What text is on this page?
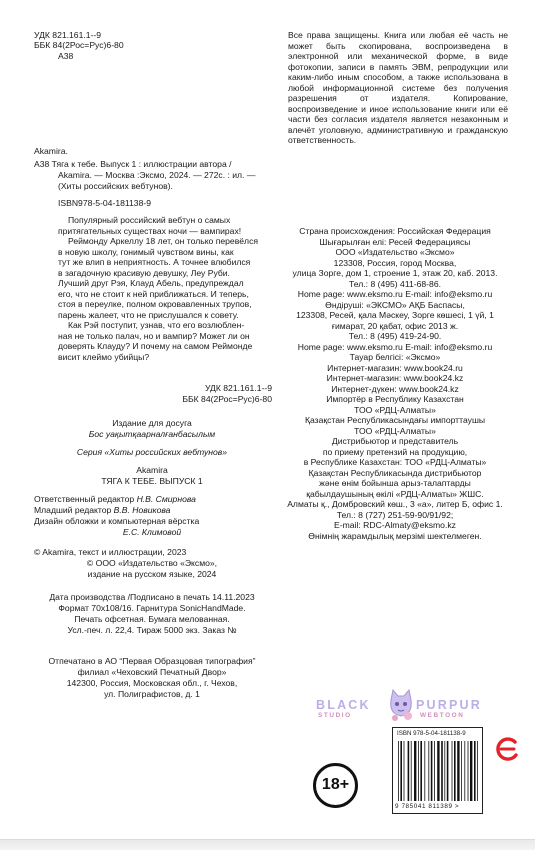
УДК 821.161.1--9
ББК 84(2Рос=Рус)6-80
А38
Все права защищены. Книга или любая её часть не может быть скопирована, воспроизведена в электронной или механической форме, в виде фотокопии, записи в память ЭВМ, репродукции или каким-либо иным способом, а также использована в любой информационной системе без получения разрешения от издателя. Копирование, воспроизведение и иное использование книги или её части без согласия издателя является незаконным и влечёт уголовную, административную и гражданскую ответственность.
Akamira.
А38 Тяга к тебе. Выпуск 1 : иллюстрации автора /
Akamira. — Москва :Эксмо, 2024. — 272с. : ил. —
(Хиты российских вебтунов).
ISBN978-5-04-181138-9
Популярный российский вебтун о самых
притягательных существах ночи — вампирах!
Реймонду Аркеллу 18 лет, он только перевёлся
в новую школу, гонимый чувством вины, как
тут же влип в неприятность. А точнее влюбился
в загадочную красивую девушку, Леу Руби.
Лучший друг Рэя, Клауд Абель, предупреждал
его, что не стоит к ней приближаться. И теперь,
стоя в переулке, полном окровавленных трупов,
парень жалеет, что не прислушался к совету.
Как Рэй поступит, узнав, что его возлюблен-
ная не только палач, но и вампир? Может ли он
доверять Клауду? И почему на самом Реймонде
висит клеймо убийцы?
УДК 821.161.1--9
ББК 84(2Рос=Рус)6-80
Издание для досуга
Бос уақытқаарналғанбасылым
Серия «Хиты российских вебтунов»
Akamira
ТЯГА К ТЕБЕ. ВЫПУСК 1
Ответственный редактор Н.В. Смирнова
Младший редактор В.В. Новикова
Дизайн обложки и компьютерная вёрстка
Е.С. Климовой
© Akamira, текст и иллюстрации, 2023
© ООО «Издательство «Эксмо»,
издание на русском языке, 2024
Дата производства /Подписано в печать 14.11.2023
Формат 70x108/16. Гарнитура SonicHandMade.
Печать офсетная. Бумага мелованная.
Усл.-печ. л. 22,4. Тираж 5000 экз. Заказ №
Отпечатано в АО “Первая Образцовая типография”
филиал «Чеховский Печатный Двор»
142300, Россия, Московская обл., г. Чехов,
ул. Полиграфистов, д. 1
Страна происхождения: Российская Федерация
Шығарылған елі: Ресей Федерациясы
ООО «Издательство «Эксмо»
123308, Россия, город Москва,
улица Зорге, дом 1, строение 1, этаж 20, каб. 2013.
Тел.: 8 (495) 411-68-86.
Home page: www.eksmo.ru E-mail: info@eksmo.ru
Өндіруші: «ЭКСМО» АҚБ Баспасы,
123308, Ресей, қала Мәскеу, Зорге көшесі, 1 үй, 1
ғимарат, 20 қабат, офис 2013 ж.
Тел.: 8 (495) 419-24-90.
Home page: www.eksmo.ru E-mail: info@eksmo.ru
Тауар белгісі: «Эксмо»
Интернет-магазин: www.book24.ru
Интернет-магазин: www.book24.kz
Интернет-дүкен: www.book24.kz
Импортёр в Республику Казахстан
ТОО «РДЦ-Алматы»
Қазақстан Республикасындағы импорттаушы
ТОО «РДЦ-Алматы»
Дистрибьютор и представитель
по приему претензий на продукцию,
в Республике Казахстан: ТОО «РДЦ-Алматы»
Қазақстан Республикасында дистрибьютор
және өнім бойынша арыз-талаптарды
қабылдаушының өкілі «РДЦ-Алматы» ЖШС.
Алматы қ., Домбровский көш., 3 «а», литер Б, офис 1.
Тел.: 8 (727) 251-59-90/91/92;
E-mail: RDC-Almaty@eksmo.kz
Өнімнің жарамдылық мерзімі шектелмеген.
BLACK	PURPUR
STUDIO	WEBTOON
18+
ISBN 978-5-04-181138-9
9 785041 811389 >
